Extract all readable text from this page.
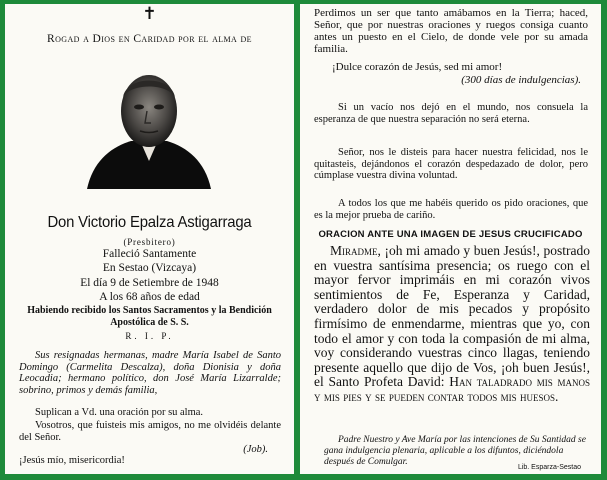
✝
Rogad a Dios en Caridad por el alma de
Don Victorio Epalza Astigarraga
(Presbitero)
Falleció Santamente
En Sestao (Vizcaya)
El día 9 de Setiembre de 1948
A los 68 años de edad
Habiendo recibido los Santos Sacramentos y la Bendición Apostólica de S. S.
R. I. P.
Sus resignadas hermanas, madre María Isabel de Santo Domingo (Carmelita Descalza), doña Dionisia y doña Leocadia; hermano político, don José María Lizarralde; sobrino, primos y demás familia,
Suplican a Vd. una oración por su alma.
Vosotros, que fuisteis mis amigos, no me olvidéis delante del Señor.
(Job).
¡Jesús mío, misericordia!
Perdimos un ser que tanto amábamos en la Tierra; haced, Señor, que por nuestras oraciones y ruegos consiga cuanto antes un puesto en el Cielo, de donde vele por su amada familia.
¡Dulce corazón de Jesús, sed mi amor!
(300 días de indulgencias).
Si un vacío nos dejó en el mundo, nos consuela la esperanza de que nuestra separación no será eterna.
Señor, nos le disteis para hacer nuestra felicidad, nos le quitasteis, dejándonos el corazón despedazado de dolor, pero cúmplase vuestra divina voluntad.
A todos los que me habéis querido os pido oraciones, que es la mejor prueba de cariño.
ORACION ANTE UNA IMAGEN DE JESUS CRUCIFICADO
Miradme, ¡oh mi amado y buen Jesús!, postrado en vuestra santísima presencia; os ruego con el mayor fervor imprimáis en mi corazón vivos sentimientos de Fe, Esperanza y Caridad, verdadero dolor de mis pecados y propósito firmísimo de enmendarme, mientras que yo, con todo el amor y con toda la compasión de mi alma, voy considerando vuestras cinco llagas, teniendo presente aquello que dijo de Vos, ¡oh buen Jesús!, el Santo Profeta David: Han taladrado mis manos y mis pies y se pueden contar todos mis huesos.
Padre Nuestro y Ave María por las intenciones de Su Santidad se gana indulgencia plenaria, aplicable a los difuntos, diciéndola después de Comulgar.
Lib. Esparza-Sestao
